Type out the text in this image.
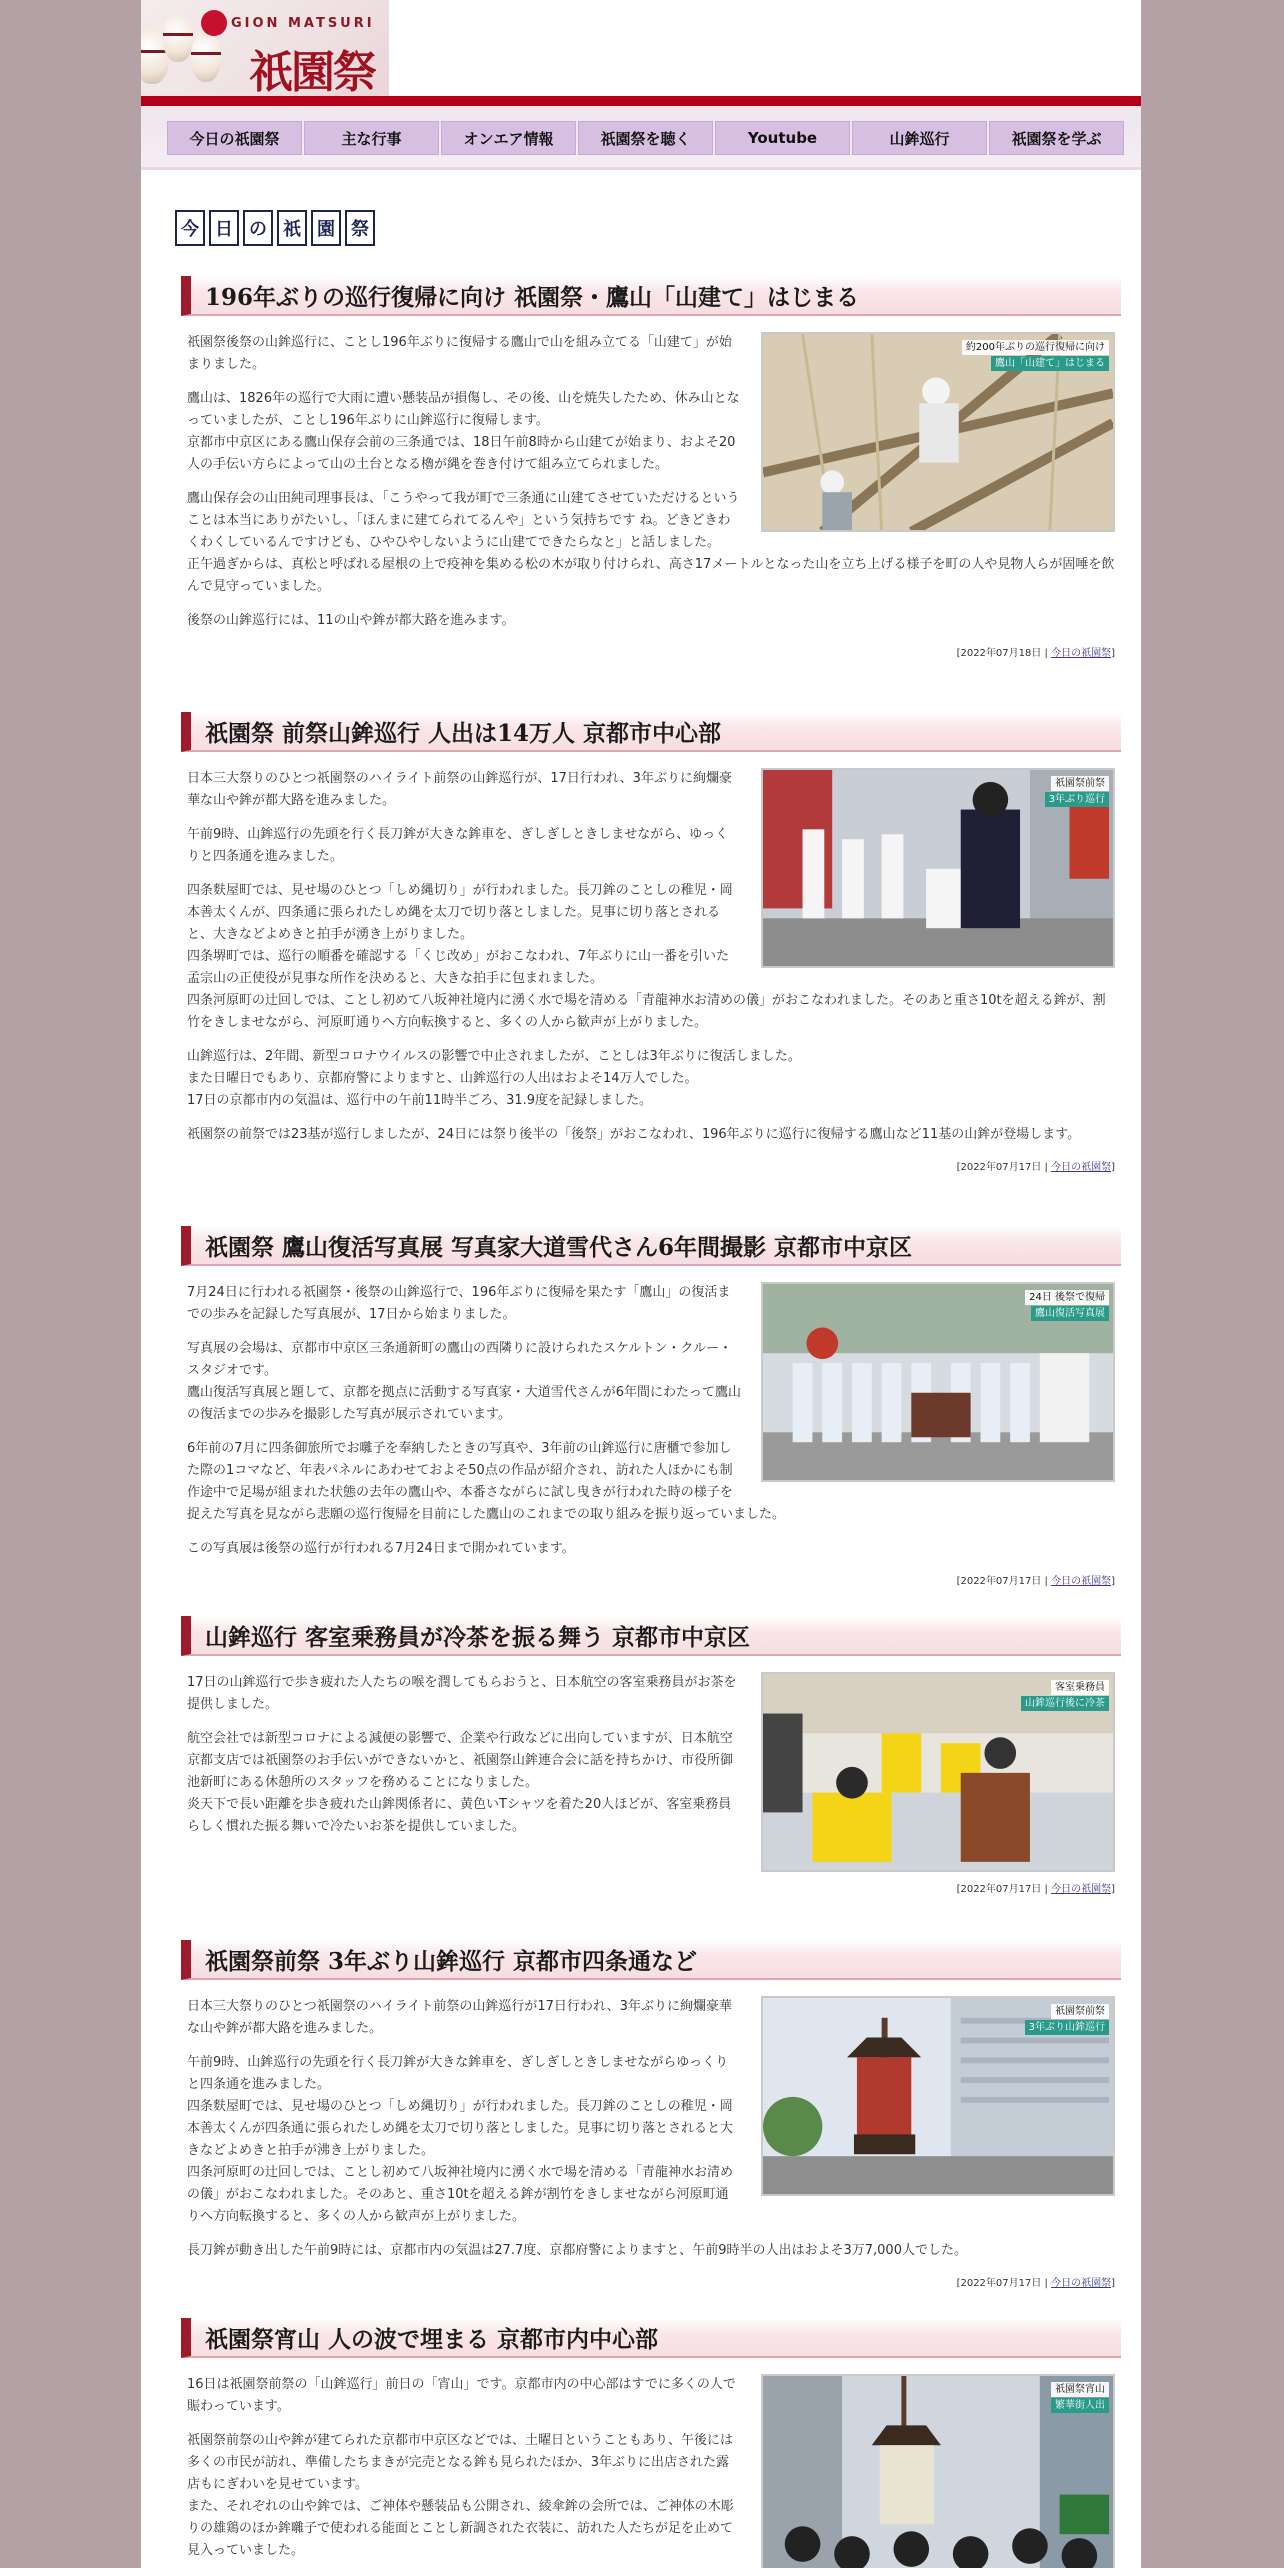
GION MATSURI
祇園祭
今日の祇園祭	主な行事	オンエア情報	祇園祭を聴く	Youtube	山鉾巡行	祇園祭を学ぶ
今 日 の 祇 園 祭
196年ぶりの巡行復帰に向け 祇園祭・鷹山「山建て」はじまる
約200年ぶりの巡行復帰に向け
鷹山「山建て」はじまる

祇園祭後祭の山鉾巡行に、ことし196年ぶりに復帰する鷹山で山を組み立てる「山建て」が始まりました。

鷹山は、1826年の巡行で大雨に遭い懸装品が損傷し、その後、山を焼失したため、休み山となっていましたが、ことし196年ぶりに山鉾巡行に復帰します。

京都市中京区にある鷹山保存会前の三条通では、18日午前8時から山建てが始まり、およそ20人の手伝い方らによって山の土台となる櫓が縄を巻き付けて組み立てられました。

鷹山保存会の山田純司理事長は、「こうやって我が町で三条通に山建てさせていただけるということは本当にありがたいし、「ほんまに建てられてるんや」という気持ちです ね。どきどきわくわくしているんですけども、ひやひやしないように山建てできたらなと」と話しました。

正午過ぎからは、真松と呼ばれる屋根の上で疫神を集める松の木が取り付けられ、高さ17メートルとなった山を立ち上げる様子を町の人や見物人らが固唾を飲んで見守っていました。

後祭の山鉾巡行には、11の山や鉾が都大路を進みます。

[2022年07月18日 | 今日の祇園祭]
祇園祭 前祭山鉾巡行 人出は14万人 京都市中心部
祇園祭前祭
3年ぶり巡行

日本三大祭りのひとつ祇園祭のハイライト前祭の山鉾巡行が、17日行われ、3年ぶりに絢爛豪華な山や鉾が都大路を進みました。

午前9時、山鉾巡行の先頭を行く長刀鉾が大きな鉾車を、ぎしぎしときしませながら、ゆっくりと四条通を進みました。

四条麩屋町では、見せ場のひとつ「しめ縄切り」が行われました。長刀鉾のことしの稚児・岡本善太くんが、四条通に張られたしめ縄を太刀で切り落としました。見事に切り落とされると、大きなどよめきと拍手が湧き上がりました。

四条堺町では、巡行の順番を確認する「くじ改め」がおこなわれ、7年ぶりに山一番を引いた孟宗山の正使役が見事な所作を決めると、大きな拍手に包まれました。

四条河原町の辻回しでは、ことし初めて八坂神社境内に湧く水で場を清める「青龍神水お清めの儀」がおこなわれました。そのあと重さ10tを超える鉾が、割竹をきしませながら、河原町通りへ方向転換すると、多くの人から歓声が上がりました。

山鉾巡行は、2年間、新型コロナウイルスの影響で中止されましたが、ことしは3年ぶりに復活しました。

また日曜日でもあり、京都府警によりますと、山鉾巡行の人出はおよそ14万人でした。

17日の京都市内の気温は、巡行中の午前11時半ごろ、31.9度を記録しました。

祇園祭の前祭では23基が巡行しましたが、24日には祭り後半の「後祭」がおこなわれ、196年ぶりに巡行に復帰する鷹山など11基の山鉾が登場します。

[2022年07月17日 | 今日の祇園祭]
祇園祭 鷹山復活写真展 写真家大道雪代さん6年間撮影 京都市中京区
24日 後祭で復帰
鷹山復活写真展

7月24日に行われる祇園祭・後祭の山鉾巡行で、196年ぶりに復帰を果たす「鷹山」の復活までの歩みを記録した写真展が、17日から始まりました。

写真展の会場は、京都市中京区三条通新町の鷹山の西隣りに設けられたスケルトン・クルー・スタジオです。

鷹山復活写真展と題して、京都を拠点に活動する写真家・大道雪代さんが6年間にわたって鷹山の復活までの歩みを撮影した写真が展示されています。

6年前の7月に四条御旅所でお囃子を奉納したときの写真や、3年前の山鉾巡行に唐櫃で参加した際の1コマなど、年表パネルにあわせておよそ50点の作品が紹介され、訪れた人ほかにも制作途中で足場が組まれた状態の去年の鷹山や、本番さながらに試し曳きが行われた時の様子を捉えた写真を見ながら悲願の巡行復帰を目前にした鷹山のこれまでの取り組みを振り返っていました。

この写真展は後祭の巡行が行われる7月24日まで開かれています。

[2022年07月17日 | 今日の祇園祭]
山鉾巡行 客室乗務員が冷茶を振る舞う 京都市中京区
客室乗務員
山鉾巡行後に冷茶

17日の山鉾巡行で歩き疲れた人たちの喉を潤してもらおうと、日本航空の客室乗務員がお茶を提供しました。

航空会社では新型コロナによる減便の影響で、企業や行政などに出向していますが、日本航空京都支店では祇園祭のお手伝いができないかと、祇園祭山鉾連合会に話を持ちかけ、市役所御池新町にある休憩所のスタッフを務めることになりました。

炎天下で長い距離を歩き疲れた山鉾関係者に、黄色いTシャツを着た20人ほどが、客室乗務員らしく慣れた振る舞いで冷たいお茶を提供していました。

[2022年07月17日 | 今日の祇園祭]
祇園祭前祭 3年ぶり山鉾巡行 京都市四条通など
祇園祭前祭
3年ぶり山鉾巡行

日本三大祭りのひとつ祇園祭のハイライト前祭の山鉾巡行が17日行われ、3年ぶりに絢爛豪華な山や鉾が都大路を進みました。

午前9時、山鉾巡行の先頭を行く長刀鉾が大きな鉾車を、ぎしぎしときしませながらゆっくりと四条通を進みました。

四条麩屋町では、見せ場のひとつ「しめ縄切り」が行われました。長刀鉾のことしの稚児・岡本善太くんが四条通に張られたしめ縄を太刀で切り落としました。見事に切り落とされると大きなどよめきと拍手が沸き上がりました。

四条河原町の辻回しでは、ことし初めて八坂神社境内に湧く水で場を清める「青龍神水お清めの儀」がおこなわれました。そのあと、重さ10tを超える鉾が割竹をきしませながら河原町通りへ方向転換すると、多くの人から歓声が上がりました。

長刀鉾が動き出した午前9時には、京都市内の気温は27.7度、京都府警によりますと、午前9時半の人出はおよそ3万7,000人でした。

[2022年07月17日 | 今日の祇園祭]
祇園祭宵山 人の波で埋まる 京都市内中心部
祇園祭宵山
繁華街人出

16日は祇園祭前祭の「山鉾巡行」前日の「宵山」です。京都市内の中心部はすでに多くの人で賑わっています。

祇園祭前祭の山や鉾が建てられた京都市中京区などでは、土曜日ということもあり、午後には多くの市民が訪れ、準備したちまきが完売となる鉾も見られたほか、3年ぶりに出店された露店もにぎわいを見せています。

また、それぞれの山や鉾では、ご神体や懸装品も公開され、綾傘鉾の会所では、ご神体の木彫りの雄鶏のほか鉾囃子で使われる能面とことし新調された衣装に、訪れた人たちが足を止めて見入っていました。
